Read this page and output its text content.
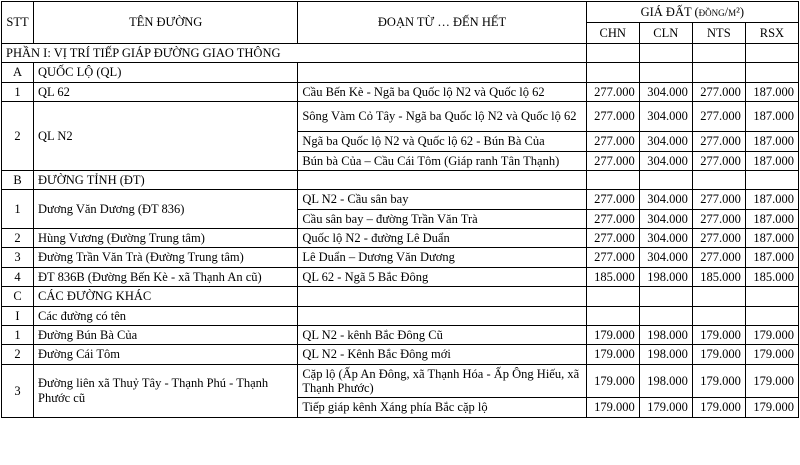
STT	TÊN ĐƯỜNG	ĐOẠN TỪ … ĐẾN HẾT	GIÁ ĐẤT (đồng/m²)			
			CHN	CLN	NTS	RSX
PHẦN I: VỊ TRÍ TIẾP GIÁP ĐƯỜNG GIAO THÔNG						
A	QUỐC LỘ (QL)					
1	QL 62	Cầu Bến Kè - Ngã ba Quốc lộ N2 và Quốc lộ 62	277.000	304.000	277.000	187.000
2	QL N2	Sông Vàm Cỏ Tây - Ngã ba Quốc lộ N2 và Quốc lộ 62	277.000	304.000	277.000	187.000
		Ngã ba Quốc lộ N2 và Quốc lộ 62 - Bún Bà Của	277.000	304.000	277.000	187.000
		Bún bà Của – Cầu Cái Tôm (Giáp ranh Tân Thạnh)	277.000	304.000	277.000	187.000
B	ĐƯỜNG TỈNH (ĐT)					
1	Dương Văn Dương (ĐT 836)	QL N2 - Cầu sân bay	277.000	304.000	277.000	187.000
		Cầu sân bay – đường Trần Văn Trà	277.000	304.000	277.000	187.000
2	Hùng Vương (Đường Trung tâm)	Quốc lộ N2 - đường Lê Duẩn	277.000	304.000	277.000	187.000
3	Đường Trần Văn Trà (Đường Trung tâm)	Lê Duẩn – Dương Văn Dương	277.000	304.000	277.000	187.000
4	ĐT 836B (Đường Bến Kè - xã Thạnh An cũ)	QL 62 - Ngã 5 Bắc Đông	185.000	198.000	185.000	185.000
C	CÁC ĐƯỜNG KHÁC					
I	Các đường có tên					
1	Đường Bún Bà Của	QL N2 - kênh Bắc Đông Cũ	179.000	198.000	179.000	179.000
2	Đường Cái Tôm	QL N2 - Kênh Bắc Đông mới	179.000	198.000	179.000	179.000
3	Đường liên xã Thuỷ Tây - Thạnh Phú - Thạnh Phước cũ	Cặp lộ (Ấp An Đông, xã Thạnh Hóa - Ấp Ông Hiếu, xã Thạnh Phước)	179.000	198.000	179.000	179.000
		Tiếp giáp kênh Xáng phía Bắc cặp lộ	179.000	179.000	179.000	179.000
